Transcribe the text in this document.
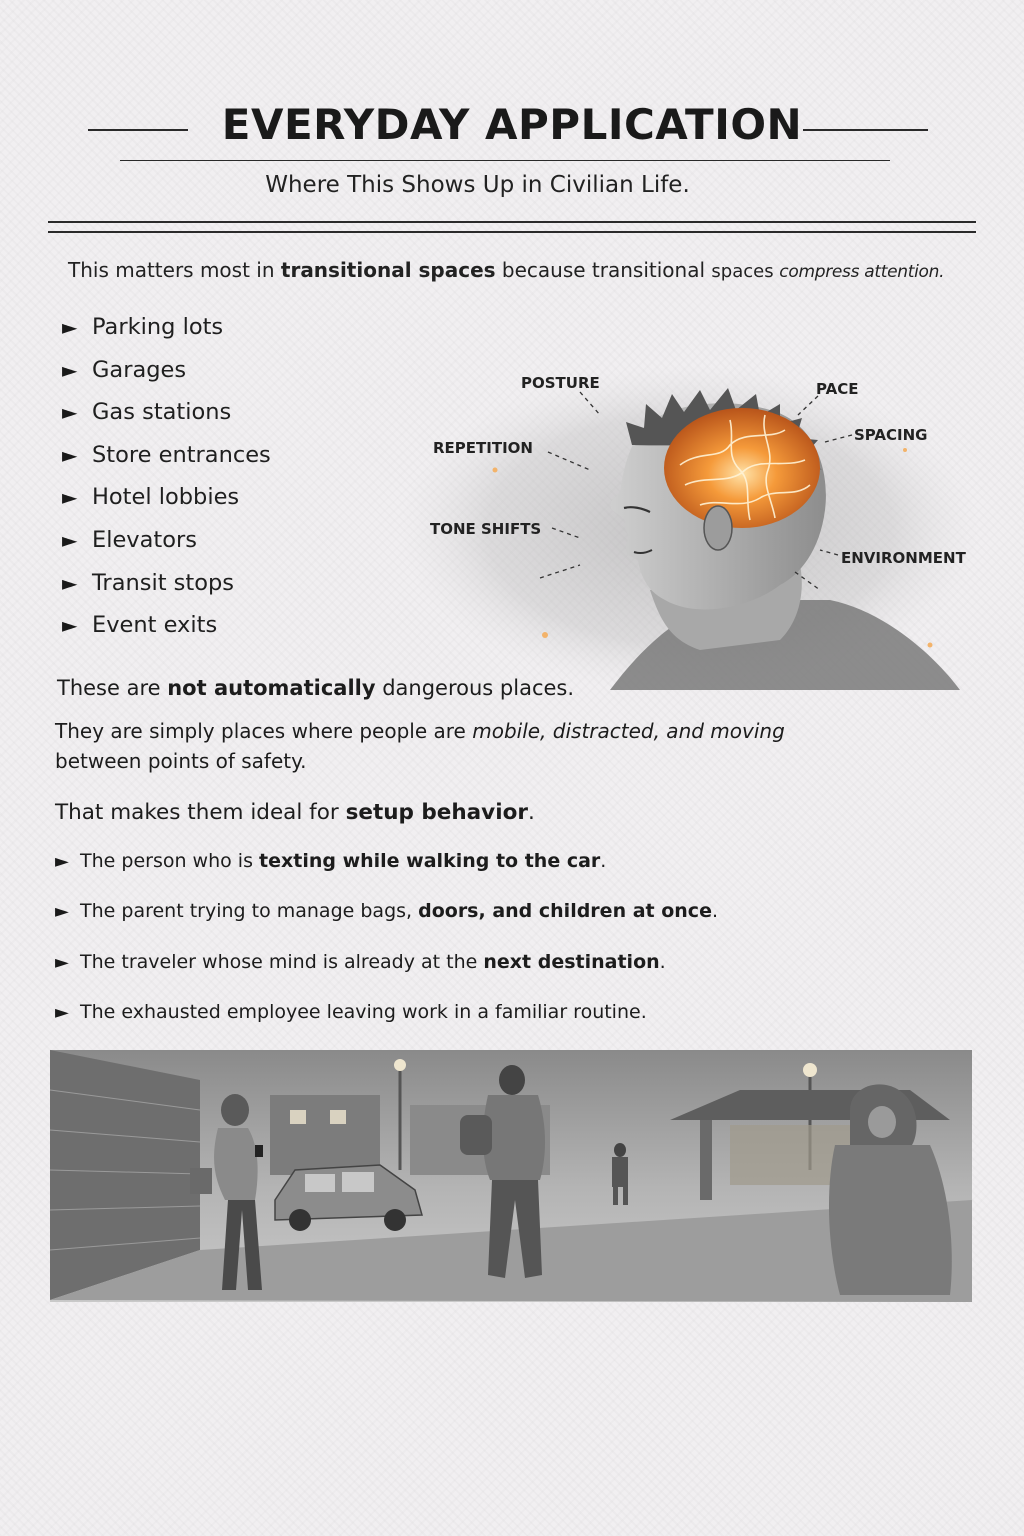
EVERYDAY APPLICATION
Where This Shows Up in Civilian Life.
This matters most in transitional spaces because transitional spaces compress attention.
► Parking lots
► Garages
► Gas stations
► Store entrances
► Hotel lobbies
► Elevators
► Transit stops
► Event exits
POSTURE	PACE
REPETITION
SPACING
TONE SHIFTS
ENVIRONMENT
These are not automatically dangerous places.
They are simply places where people are mobile, distracted, and moving between points of safety.
That makes them ideal for setup behavior.
► The person who is texting while walking to the car.
► The parent trying to manage bags, doors, and children at once.
► The traveler whose mind is already at the next destination.
► The exhausted employee leaving work in a familiar routine.
